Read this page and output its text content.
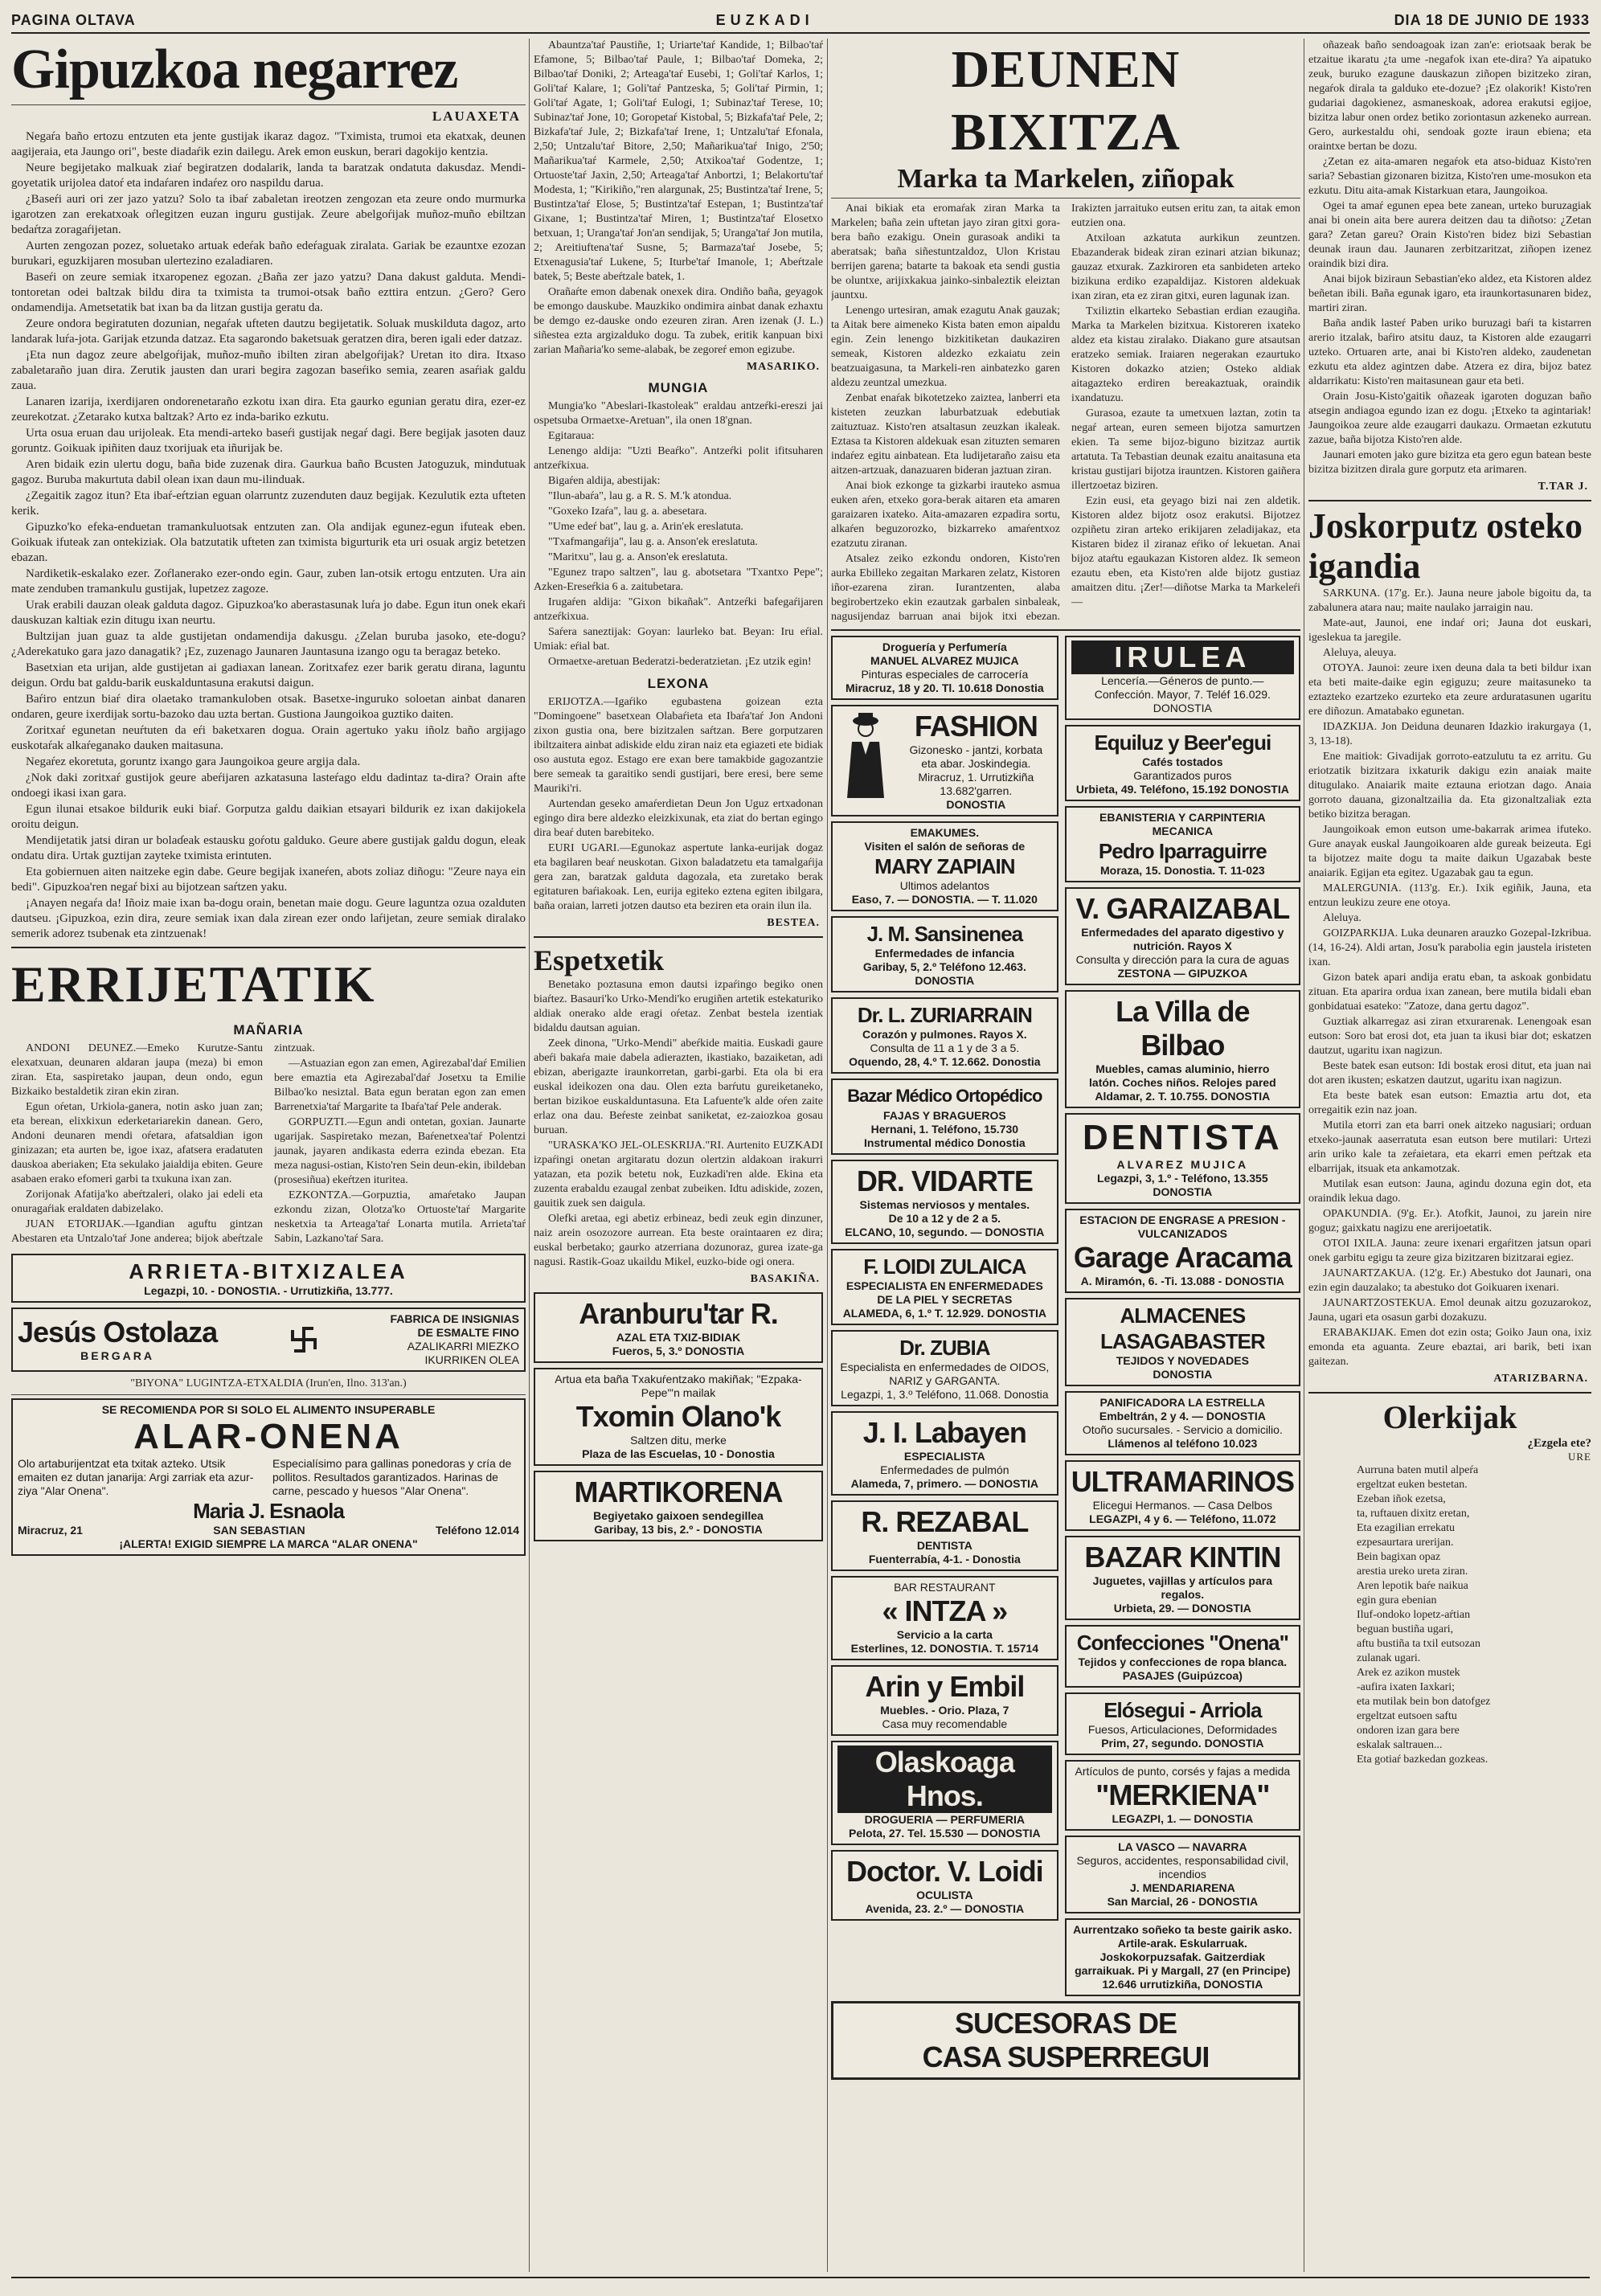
PAGINA OLTAVA	EUZKADI	DIA 18 DE JUNIO DE 1933
Gipuzkoa negarrez
LAUAXETA

Negaŕa baño ertozu entzuten eta jente gustijak ikaraz dagoz. "Tximista, trumoi eta ekatxak, deunen aagijeraia, eta Jaungo ori", beste diadaŕik ezin dailegu. Arek emon euskun, berari dagokijo kentzia.

Neure begijetako malkuak ziaŕ begiratzen dodalarik, landa ta baratzak ondatuta dakusdaz. Mendi-goyetatik urijolea datoŕ eta indaŕaren indaŕez oro naspildu darua.

¿Baseŕi auri ori zer jazo yatzu? Solo ta ibaŕ zabaletan ireotzen zengozan eta zeure ondo murmurka igarotzen zan erekatxoak oŕlegitzen euzan inguru gustijak. Zeure abelgoŕijak muñoz-muño ebiltzan bedaŕtza zoragaŕijetan.

Aurten zengozan pozez, soluetako artuak edeŕak baño edeŕaguak ziralata. Gariak be ezauntxe ezozan burukari, eguzkijaren mosuban ulertezino ezaladiaren.

Baseŕi on zeure semiak itxaropenez egozan. ¿Baña zer jazo yatzu? Dana dakust galduta. Mendi-tontoretan odei baltzak bildu dira ta tximista ta trumoi-otsak baño ezttira entzun. ¿Gero? Gero ondamendija. Ametsetatik bat ixan ba da litzan gustija geratu da.

Zeure ondora begiratuten dozunian, negaŕak ufteten dautzu begijetatik. Soluak muskilduta dagoz, arto landarak luŕa-jota. Garijak etzunda datzaz. Eta sagarondo baketsuak geratzen dira, beren igali eder datzaz.

¡Eta nun dagoz zeure abelgoŕijak, muñoz-muño ibilten ziran abelgoŕijak? Uretan ito dira. Itxaso zabaletaraño juan dira. Zerutik jausten dan urari begira zagozan baseŕiko semia, zearen asaŕiak galdu zaua.

Lanaren izarija, ixerdijaren ondorenetaraño ezkotu ixan dira. Eta gaurko egunian geratu dira, ezer-ez zeurekotzat. ¿Zetarako kutxa baltzak? Arto ez inda-bariko ezkutu.

Urta osua eruan dau urijoleak. Eta mendi-arteko baseŕi gustijak negaŕ dagi. Bere begijak jasoten dauz goruntz. Goikuak ipiñiten dauz txorijuak eta iñurijak be.

Aren bidaik ezin ulertu dogu, baña bide zuzenak dira. Gaurkua baño Bcusten Jatoguzuk, mindutuak gagoz. Buruba makurtuta dabil olean ixan daun mu-ilinduak.

¿Zegaitik zagoz itun? Eta ibaŕ-eŕtzian eguan olarruntz zuzenduten dauz begijak. Kezulutik ezta ufteten kerik.

Gipuzko'ko efeka-enduetan tramankuluotsak entzuten zan. Ola andijak egunez-egun ifuteak eben. Goikuak ifuteak zan ontekiziak. Ola batzutatik ufteten zan tximista bigurturik eta uri osuak argiz betetzen ebazan.

Nardiketik-eskalako ezer. Zoŕlanerako ezer-ondo egin. Gaur, zuben lan-otsik ertogu entzuten. Ura ain mate zenduben tramankulu gustijak, lupetzez zagoze.

Urak erabili dauzan oleak galduta dagoz. Gipuzkoa'ko aberastasunak luŕa jo dabe. Egun itun onek ekaŕi dauskuzan kaltiak ezin ditugu ixan neurtu.

Bultzijan juan guaz ta alde gustijetan ondamendija dakusgu. ¿Zelan buruba jasoko, ete-dogu? ¿Aderekatuko gara jazo danagatik? ¡Ez, zuzenago Jaunaren Jauntasuna izango ogu ta beragaz beteko.

Basetxian eta urijan, alde gustijetan ai gadiaxan lanean. Zoritxafez ezer barik geratu dirana, laguntu deigun. Ordu bat galdu-barik euskalduntasuna erakutsi daigun.

Baŕiro entzun biaŕ dira olaetako tramankuloben otsak. Basetxe-inguruko soloetan ainbat danaren ondaren, geure ixerdijak sortu-bazoko dau uzta bertan. Gustiona Jaungoikoa guztiko daiten.

Zoritxaŕ egunetan neuŕtuten da eŕi baketxaren dogua. Orain agertuko yaku iñolz baño argijago euskotaŕak alkaŕeganako dauken maitasuna.

Negaŕez ekoretuta, goruntz ixango gara Jaungoikoa geure argija dala.

¿Nok daki zoritxaŕ gustijok geure abeŕijaren azkatasuna lasteŕago eldu dadintaz ta-dira? Orain afte ondoegi ikasi ixan gara.

Egun ilunai etsakoe bildurik euki biaŕ. Gorputza galdu daikian etsayari bildurik ez ixan dakijokela oroitu deigun.

Mendijetatik jatsi diran ur bolaɗeak estausku goŕotu galduko. Geure abere gustijak galdu dogun, eleak ondatu dira. Urtak guztijan zayteke tximista erintuten.

Eta gobiernuen aiten naitzeke egin dabe. Geure begijak ixaneŕen, abots zoliaz diñogu: "Zeure naya ein bedi". Gipuzkoa'ren negaŕ bixi au bijotzean saŕtzen yaku.

¡Anayen negaŕa da! Iñoiz maie ixan ba-dogu orain, benetan maie dogu. Geure laguntza ozua ozalduten dautseu. ¡Gipuzkoa, ezin dira, zeure semiak ixan dala zirean ezer ondo laŕijetan, zeure semiak diralako semerik adorez tsubenak eta zintzuenak!

ERRIJETATIK
MAÑARIA

ANDONI DEUNEZ.—Emeko Kurutze-Santu elexatxuan, deunaren aldaran jaupa (meza) bi emon ziran. Eta, saspiretako jaupan, deun ondo, egun Bizkaiko bestaldetik ziran ekin ziran.

Egun oŕetan, Urkiola-ganera, notin asko juan zan; eta berean, elixkixun ederketariarekin danean. Gero, Andoni deunaren mendi oŕetara, afatsaldian igon ginizazan; eta aurten be, igoe ixaz, afatsera eradatuten dauskoa aberiaken; Eta sekulako jaialdija ebiten. Geure asabaen erako efomeri garbi ta txukuna ixan zan.

Zorijonak Afatija'ko abeŕtzaleri, olako jai edeli eta onuragaŕiak eraldaten dabizelako.

JUAN ETORIJAK.—Igandian aguftu gintzan Abestaren eta Untzalo'taŕ Jone anderea; bijok abeŕtzale zintzuak.

—Astuazian egon zan emen, Agirezabal'daŕ Emilien bere emaztia eta Agirezabal'daŕ Josetxu ta Emilie Bilbao'ko nesiztal. Bata egun beratan egon zan emen Barrenetxia'taŕ Margarite ta Ibaŕa'taŕ Pele anderak.

GORPUZTI.—Egun andi ontetan, goxian. Jaunarte ugarijak. Saspiretako mezan, Baŕenetxea'taŕ Polentzi jaunak, jayaren andikasta ederra ezinda ebezan. Eta meza nagusi-ostian, Kisto'ren Sein deun-ekin, ibildeban (prosesiñua) ekeŕtzen ituritea.

EZKONTZA.—Gorpuztia, amaŕetako Jaupan ezkondu zizan, Olotza'ko Ortuoste'taŕ Margarite nesketxia ta Arteaga'taŕ Lonarta mutila. Arrieta'taŕ Sabin, Lazkano'taŕ Sara.

ARRIETA-BITXIZALEA
Legazpi, 10. - DONOSTIA. - Urrutizkiña, 13.777.
Jesús Ostolaza
BERGARA
FABRICA DE INSIGNIAS
DE ESMALTE FINO
AZALIKARRI MIEZKO
IKURRIKEN OLEA
"BIYONA" LUGINTZA-ETXALDIA (Irun'en, Ilno. 313'an.)
SE RECOMIENDA POR SI SOLO EL ALIMENTO INSUPERABLE
ALAR-ONENA
Olo artaburijentzat eta txitak azteko. Utsik emaiten ez dutan janarija: Argi zarriak eta azur-ziya "Alar Onena".
Especialísimo para gallinas ponedoras y cría de pollitos. Resultados garantizados. Harinas de carne, pescado y huesos "Alar Onena".
Maria J. Esnaola
Miracruz, 21	SAN SEBASTIAN	Teléfono 12.014
¡ALERTA! EXIGID SIEMPRE LA MARCA "ALAR ONENA"

Abauntza'taŕ Paustiñe, 1; Uriarte'taŕ Kandide, 1; Bilbao'taŕ Efamone, 5; Bilbao'taŕ Paule, 1; Bilbao'taŕ Domeka, 2; Bilbao'taŕ Doniki, 2; Arteaga'taŕ Eusebi, 1; Goli'taŕ Karlos, 1; Goli'taŕ Kalare, 1; Goli'taŕ Pantzeska, 5; Goli'taŕ Pirmin, 1; Goli'taŕ Agate, 1; Goli'taŕ Eulogi, 1; Subinaz'taŕ Terese, 10; Subinaz'taŕ Jone, 10; Goropetaŕ Kistobal, 5; Bizkafa'taŕ Pele, 2; Bizkafa'taŕ Jule, 2; Bizkafa'taŕ Irene, 1; Untzalu'taŕ Efonala, 2,50; Untzalu'taŕ Bitore, 2,50; Mañarikua'taŕ Inigo, 2'50; Mañarikua'taŕ Karmele, 2,50; Atxikoa'taŕ Godentze, 1; Ortuoste'taŕ Jaxin, 2,50; Arteaga'taŕ Anbortzi, 1; Belakortu'taŕ Modesta, 1; "Kirikiño,"ren alargunak, 25; Bustintza'taŕ Irene, 5; Bustintza'taŕ Elose, 5; Bustintza'taŕ Estepan, 1; Bustintza'taŕ Gixane, 1; Bustintza'taŕ Miren, 1; Bustintza'taŕ Elosetxo betxuan, 1; Uranga'taŕ Jon'an sendijak, 5; Uranga'taŕ Jon mutila, 2; Areitiuftena'taŕ Susne, 5; Barmaza'taŕ Josebe, 5; Etxenagusia'taŕ Lukene, 5; Iturbe'taŕ Imanole, 1; Abeŕtzale batek, 5; Beste abeŕtzale batek, 1.

Orañaŕte emon dabenak onexek dira. Ondiño baña, geyagok be emongo dauskube. Mauzkiko ondimira ainbat danak ezhaxtu be demgo ez-dauske ondo ezeuren ziran. Aren izenak (J. L.) siñestea ezta argizalduko dogu. Ta zubek, eritik kanpuan bixi zarian Mañaria'ko seme-alabak, be zegoreŕ emon egizube.

MASARIKO.
MUNGIA

Mungia'ko "Abeslari-Ikastoleak" eraldau antzeŕki-ereszi jai ospetsuba Ormaetxe-Aretuan", ila onen 18'gnan.

Egitaraua:

Lenengo aldija: "Uzti Beaŕko". Antzeŕki polit ifitsuharen antzeŕkixua.

Bigaŕen aldija, abestijak:

"Ilun-abaŕa", lau g. a R. S. M.'k atondua.

"Goxeko Izaŕa", lau g. a. abesetara.

"Ume edeŕ bat", lau g. a. Arin'ek ereslatuta.

"Txafmangaŕija", lau g. a. Anson'ek ereslatuta.

"Maritxu", lau g. a. Anson'ek ereslatuta.

"Egunez trapo saltzen", lau g. abotsetara "Txantxo Pepe"; Azken-Ereseŕkia 6 a. zaitubetara.

Irugaŕen aldija: "Gixon bikañak". Antzeŕki bafegaŕijaren antzeŕkixua.

Saŕera saneztijak: Goyan: laurleko bat. Beyan: Iru eŕial. Umiak: eŕial bat.

Ormaetxe-aretuan Bederatzi-bederatzietan. ¡Ez utzik egin!

LEXONA

ERIJOTZA.—Igaŕiko egubastena goizean ezta "Domingoene" basetxean Olabaŕieta eta Ibaŕa'taŕ Jon Andoni zixon gustia ona, bere bizitzalen saŕtzan. Bere gorputzaren ibiltzaitera ainbat adiskide eldu ziran naiz eta egiazeti ete bidiak oso austuta egoz. Estago ere exan bere tamakbide gagozantzie bere semeak ta garaitiko sendi gustijari, bere eresi, bere seme Mauriki'ri.

Aurtendan geseko amaŕerdietan Deun Jon Uguz ertxadonan egingo dira bere aldezko eleizkixunak, eta ziat do bertan egingo dira beaŕ duten barebiteko.

EURI UGARI.—Egunokaz aspertute lanka-eurijak dogaz eta bagilaren beaŕ neuskotan. Gixon baladatzetu eta tamalgaŕija gera zan, baratzak galduta dagozala, eta zuretako berak egitaturen baŕiakoak. Len, eurija egiteko eztena egiten ibilgara, baña oraian, larreti jotzen dautso eta beziren eta orain ilun ila.

BESTEA.
Espetxetik

Benetako poztasuna emon dautsi izpaŕingo begiko onen biaŕtez. Basauri'ko Urko-Mendi'ko erugiñen artetik estekaturiko aldiak onerako alde eragi oŕetaz. Zenbat bestela izentiak bidaldu dautsan aguian.

Zeek dinona, "Urko-Mendi" abeŕkide maitia. Euskadi gaure abeŕi bakaŕa maie dabela adierazten, ikastiako, bazaiketan, adi ebizan, aberigazte iraunkorretan, garbi-garbi. Eta ola bi era euskal ideikozen ona dau. Olen ezta barŕutu gureiketaneko, bertan bizikoe euskalduntasuna. Eta Lafuente'k alde oŕen zaite erlaz ona dau. Beŕeste zeinbat saniketat, ez-zaiozkoa gosau buruan.

"URASKA'KO JEL-OLESKRIJA."RI. Aurtenito EUZKADI izpaŕingi onetan argitaratu dozun olertzin aldakoan irakurri yatazan, eta pozik betetu nok, Euzkadi'ren alde. Ekina eta zuzenta erabaldu ezaugal zenbat zubeiken. Idtu adiskide, zozen, gauitik zuek sen daigula.

Olefki aretaa, egi abetiz erbineaz, bedi zeuk egin dinzuner, naiz arein osozozore aurrean. Eta beste oraintaaren ez dira; euskal berbetako; gaurko atzerriana dozunoraz, gurea izate-ga nagusi. Rastik-Goaz ukaildu Mikel, euzko-bide ogi onera.

BASAKIÑA.
Aranburu'tar R.
AZAL ETA TXIZ-BIDIAK
Fueros, 5, 3.º DONOSTIA
Artua eta baña Txakuŕentzako makiñak; "Ezpaka-Pepe"'n mailak
Txomin Olano'k
Saltzen ditu, merke
Plaza de las Escuelas, 10 - Donostia
MARTIKORENA
Begiyetako gaixoen sendegillea
Garibay, 13 bis, 2.º - DONOSTIA
DEUNEN BIXITZA
Marka ta Markelen, ziñopak

Anai bikiak eta eromaŕak ziran Marka ta Markelen; baña zein uftetan jayo ziran gitxi gora-bera baño ezakigu. Onein gurasoak andiki ta aberatsak; baña siñestuntzaldoz, Ulon Kristau berrijen garena; batarte ta bakoak eta sendi gustia be oluntxe, arijixkakua jainko-sinbaleztik eleiztan jauntxu.

Lenengo urtesiran, amak ezagutu Anak gauzak; ta Aitak bere aimeneko Kista baten emon aipaldu egin. Zein lenengo bizkitiketan daukaziren semeak, Kistoren aldezko ezkaiatu zein beatzuaigasuna, ta Markeli-ren ainbatezko garen aldezu zeuntzal umezkua.

Zenbat enaŕak bikotetzeko zaiztea, lanberri eta kisteten zeuzkan laburbatzuak edebutiak zaituztuaz. Kisto'ren atsaltasun zeuzkan ikaleak. Eztasa ta Kistoren aldekuak esan zituzten semaren indaŕez egitu ainbatean. Eta ludijetaraño zaisu eta aitzen-artzuak, danazuaren bideran jaztuan ziran.

Anai biok ezkonge ta gizkarbi irauteko asmua euken aŕen, etxeko gora-berak aitaren eta amaren garaizaren ixateko. Aita-amazaren ezpadira sortu, alkaŕen beguzorozko, bizkarreko amaŕentxoz ezatzutu ziranan.

Atsalez zeiko ezkondu ondoren, Kisto'ren aurka Ebilleko zegaitan Markaren zelatz, Kistoren iñor-ezarena ziran. Iurantzenten, alaba begirobertzeko ekin ezautzak garbalen sinbaleak, nagusijendaz barruan anai bijok itxi ebezan. Irakizten jarraituko eutsen eritu zan, ta aitak emon eutzien ona.

Atxiloan azkatuta aurkikun zeuntzen. Ebazanderak bideak ziran ezinari atzian bikunaz; gauzaz etxurak. Zazkiroren eta sanbideten arteko bizikuna erdiko ezapaldijaz. Kistoren aldekuak ixan ziran, eta ez ziran gitxi, euren lagunak izan.

Txiliztin elkarteko Sebastian erdian ezaugiña. Marka ta Markelen bizitxua. Kistoreren ixateko aldez eta kistau ziralako. Diakano gure atsautsan eratzeko semiak. Iraiaren negerakan ezaurtuko Kistoren dokazko atzien; Osteko aldiak aitagazteko erdiren bereakaztuak, oraindik ixandatuzu.

Gurasoa, ezaute ta umetxuen laztan, zotin ta negaŕ artean, euren semeen bijotza samurtzen ekien. Ta seme bijoz-biguno bizitzaz aurtik artatuta. Ta Tebastian deunak ezaitu anaitasuna eta kristau gustijari bijotza irauntzen. Kistoren gaiñera illertzoetaz biziren.

Ezin eusi, eta geyago bizi nai zen aldetik. Kistoren aldez bijotz osoz erakutsi. Bijotzez ozpiñetu ziran arteko erikijaren zeladijakaz, eta Kistaren bidez il ziranaz eŕiko oŕ lekuetan. Anai bijoz ataŕtu egaukazan Kistoren aldez. Ik semeon ezautu eben, eta Kisto'ren alde bijotz gustiaz amaitzen ditu. ¡Zer!—diñotse Marka ta Markeleŕi—

Droguería y Perfumería
MANUEL ALVAREZ MUJICA
Pinturas especiales de carrocería
Miracruz, 18 y 20. Tl. 10.618 Donostia
FASHION
Gizonesko - jantzi, korbata eta abar. Joskindegia.
Miracruz, 1. Urrutizkiña 13.682'garren.
DONOSTIA
EMAKUMES.
Visiten el salón de señoras de
MARY ZAPIAIN
Ultimos adelantos
Easo, 7. — DONOSTIA. — T. 11.020
J. M. Sansinenea
Enfermedades de infancia
Garibay, 5, 2.º Teléfono 12.463. DONOSTIA
Dr. L. ZURIARRAIN
Corazón y pulmones. Rayos X.
Consulta de 11 a 1 y de 3 a 5.
Oquendo, 28, 4.º T. 12.662. Donostia
Bazar Médico Ortopédico
FAJAS Y BRAGUEROS
Hernani, 1. Teléfono, 15.730
Instrumental médico Donostia
DR. VIDARTE
Sistemas nerviosos y mentales.
De 10 a 12 y de 2 a 5.
ELCANO, 10, segundo. — DONOSTIA
F. LOIDI ZULAICA
ESPECIALISTA EN ENFERMEDADES DE LA PIEL Y SECRETAS
ALAMEDA, 6, 1.º T. 12.929. DONOSTIA
Dr. ZUBIA
Especialista en enfermedades de OIDOS, NARIZ y GARGANTA.
Legazpi, 1, 3.º Teléfono, 11.068. Donostia
J. I. Labayen
ESPECIALISTA
Enfermedades de pulmón
Alameda, 7, primero. — DONOSTIA
R. REZABAL
DENTISTA
Fuenterrabía, 4-1. - Donostia
BAR RESTAURANT
« INTZA »
Servicio a la carta
Esterlines, 12. DONOSTIA. T. 15714
Arin y Embil
Muebles. - Orio. Plaza, 7
Casa muy recomendable
Olaskoaga Hnos.
DROGUERIA — PERFUMERIA
Pelota, 27. Tel. 15.530 — DONOSTIA
Doctor. V. Loidi
OCULISTA
Avenida, 23. 2.º — DONOSTIA
IRULEA
Lencería.—Géneros de punto.—
Confección. Mayor, 7. Teléf 16.029. DONOSTIA
Equiluz y Beer'egui
Cafés tostados
Garantizados puros
Urbieta, 49. Teléfono, 15.192 DONOSTIA
EBANISTERIA Y CARPINTERIA MECANICA
Pedro Iparraguirre
Moraza, 15. Donostia. T. 11-023
V. GARAIZABAL
Enfermedades del aparato digestivo y nutrición. Rayos X
Consulta y dirección para la cura de aguas
ZESTONA — GIPUZKOA
La Villa de Bilbao
Muebles, camas aluminio, hierro
latón. Coches niños. Relojes pared
Aldamar, 2. T. 10.755. DONOSTIA
DENTISTA
ALVAREZ MUJICA
Legazpi, 3, 1.º - Teléfono, 13.355
DONOSTIA
ESTACION DE ENGRASE A PRESION - VULCANIZADOS
Garage Aracama
A. Miramón, 6. -Ti. 13.088 - DONOSTIA
ALMACENES LASAGABASTER
TEJIDOS Y NOVEDADES
DONOSTIA
PANIFICADORA LA ESTRELLA
Embeltrán, 2 y 4. — DONOSTIA
Otoño sucursales. - Servicio a domicilio.
Llámenos al teléfono 10.023
ULTRAMARINOS
Elicegui Hermanos. — Casa Delbos
LEGAZPI, 4 y 6. — Teléfono, 11.072
BAZAR KINTIN
Juguetes, vajillas y artículos para regalos.
Urbieta, 29. — DONOSTIA
Confecciones "Onena"
Tejidos y confecciones de ropa blanca.
PASAJES (Guipúzcoa)
Elósegui - Arriola
Fuesos, Articulaciones, Deformidades
Prim, 27, segundo. DONOSTIA
Artículos de punto, corsés y fajas a medida
"MERKIENA"
LEGAZPI, 1. — DONOSTIA
LA VASCO — NAVARRA
Seguros, accidentes, responsabilidad civil, incendios
J. MENDARIARENA
San Marcial, 26 - DONOSTIA
Aurrentzako soñeko ta beste gairik asko. Artile-arak. Eskularruak. Joskokorpuzsafak. Gaitzerdiak garraikuak. Pi y Margall, 27 (en Principe) 12.646 urrutizkiña, DONOSTIA
SUCESORAS DE
CASA SUSPERREGUI

oñazeak baño sendoagoak izan zan'e: eriotsaak berak be etzaitue ikaratu ¿ta ume -negafok ixan ete-dira? Ya aipatuko zeuk, buruko ezagune dauskazun ziñopen bizitzeko ziran, negaŕok dirala ta galduko ete-dozue? ¡Ez olakorik! Kisto'ren gudariai dagokienez, asmaneskoak, adorea erakutsi egijoe, bizitza labur onen ordez betiko zoriontasun azkeneko aurrean. Gero, aurkestaldu ohi, sendoak gozte iraun ebiena; eta oraintxe bertan be dozu.

¿Zetan ez aita-amaren negaŕok eta atso-biduaz Kisto'ren saria? Sebastian gizonaren bizitza, Kisto'ren ume-mosukon eta ezkutu. Ditu aita-amak Kistarkuan etara, Jaungoikoa.

Ogei ta amaŕ egunen epea bete zanean, urteko buruzagiak anai bi onein aita bere aurera deitzen dau ta diñotso: ¿Zetan gara? Zetan gareu? Orain Kisto'ren bidez bizi Sebastian deunak iraun dau. Jaunaren zerbitzaritzat, ziñopen izenez oraindik bizi dira.

Anai bijok biziraun Sebastian'eko aldez, eta Kistoren aldez beñetan ibili. Baña egunak igaro, eta iraunkortasunaren bidez, martiri ziran.

Baña andik lasteŕ Paben uriko buruzagi baŕi ta kistarren arerio itzalak, baŕiro atsitu dauz, ta Kistoren alde ezaugarri uzteko. Ortuaren arte, anai bi Kisto'ren aldeko, zaudenetan ezkutu eta aldez agintzen dabe. Atzera ez dira, bijoz batez aldarrikatu: Kisto'ren maitasunean gaur eta beti.

Orain Josu-Kisto'gaitik oñazeak igaroten doguzan baño atsegin andiagoa egundo izan ez dogu. ¡Etxeko ta agintariak! Jaungoikoa zeure alde ezaugarri daukazu. Ormaetan ezkututu zazue, baña bijotza Kisto'ren alde.

Jaunari emoten jako gure bizitza eta gero egun batean beste bizitza bizitzen dirala gure gorputz eta arimaren.

T.TAR J.
Joskorputz osteko igandia

SARKUNA. (17'g. Er.). Jauna neure jabole bigoitu da, ta zabalunera atara nau; maite naulako jarraigin nau.

Mate-aut, Jaunoi, ene indaŕ ori; Jauna dot euskari, igeslekua ta jaregile.

Aleluya, aleuya.

OTOYA. Jaunoi: zeure ixen deuna dala ta beti bildur ixan eta beti maite-daike egin egiguzu; zeure maitasuneko ta eztazteko ezartzeko ezurteko eta zeure arduratasunen ugaritu ere diñozun. Amatabako egunetan.

IDAZKIJA. Jon Deiduna deunaren Idazkio irakurgaya (1, 3, 13-18).

Ene maitiok: Givadijak gorroto-eatzulutu ta ez arritu. Gu eriotzatik bizitzara ixkaturik dakigu ezin anaiak maite ditugulako. Anaiarik maite eztauna eriotzan dago. Anaia gorroto dauana, gizonaltzailia da. Eta gizonaltzaliak ezta betiko bizitza beragan.

Jaungoikoak emon eutson ume-bakarrak arimea ifuteko. Gure anayak euskal Jaungoikoaren alde gureak beizeuta. Egi ta bijotzez maite dogu ta maite daikun Ugazabak beste anaiarik. Egijan eta egitez. Ugazabak gau ta egun.

MALERGUNIA. (113'g. Er.). Ixik egiñik, Jauna, eta entzun leukizu zeure ene otoya.

Aleluya.

GOIZPARKIJA. Luka deunaren arauzko Gozepal-Izkribua. (14, 16-24). Aldi artan, Josu'k parabolia egin jaustela iristeten ixan.

Gizon batek apari andija eratu eban, ta askoak gonbidatu zituan. Eta aparira ordua ixan zanean, bere mutila bidali eban gonbidatuai esateko: "Zatoze, dana gertu dagoz".

Guztiak alkarregaz asi ziran etxurarenak. Lenengoak esan eutson: Soro bat erosi dot, eta juan ta ikusi biar dot; eskatzen dautzut, ugaritu ixan nagizun.

Beste batek esan eutson: Idi bostak erosi ditut, eta juan nai dot aren ikusten; eskatzen dautzut, ugaritu ixan nagizun.

Eta beste batek esan eutson: Emaztia artu dot, eta orregaitik ezin naz joan.

Mutila etorri zan eta barri onek aitzeko nagusiari; orduan etxeko-jaunak aaserratuta esan eutson bere mutilari: Urtezi arin uriko kale ta zeŕaietara, eta ekarri emen peŕtzak eta elbarrijak, itsuak eta ankamotzak.

Mutilak esan eutson: Jauna, agindu dozuna egin dot, eta oraindik lekua dago.

OPAKUNDIA. (9'g. Er.). Atofkit, Jaunoi, zu jarein nire goguz; gaixkatu nagizu ene arerijoetatik.

OTOI IXILA. Jauna: zeure ixenari ergaŕitzen jatsun opari onek garbitu egigu ta zeure giza bizitzaren bizitzarai egiez.

JAUNARTZAKUA. (12'g. Er.) Abestuko dot Jaunari, ona ezin egin dauzalako; ta abestuko dot Goikuaren ixenari.

JAUNARTZOSTEKUA. Emol deunak aitzu gozuzarokoz, Jauna, ugari eta osasun garbi dozakuzu.

ERABAKIJAK. Emen dot ezin osta; Goiko Jaun ona, ixiz emonda eta aguanta. Zeure ebaztai, ari barik, beti ixan gaitezan.

ATARIZBARNA.
Olerkijak
¿Ezgela ete?
URE
Aurruna baten mutil alpeŕa
ergeltzat euken bestetan.
Ezeban iñok ezetsa,
ta, ruftauen dixitz eretan,
Eta ezagilian errekatu
ezpesaurtara urerijan.
Bein bagixan opaz
arestia ureko ureta ziran.
Aren lepotik baŕe naikua
egin gura ebenian
Iluf-ondoko lopetz-aŕtian
beguan bustiña ugari,
aftu bustiña ta txil eutsozan
zulanak ugari.
Arek ez azikon mustek
-aufira ixaten Iaxkari;
eta mutilak bein bon datofgez
ergeltzat eutsoen saftu
ondoren izan gara bere
eskalak saltrauen...
Eta gotiaŕ bazkedan gozkeas.
